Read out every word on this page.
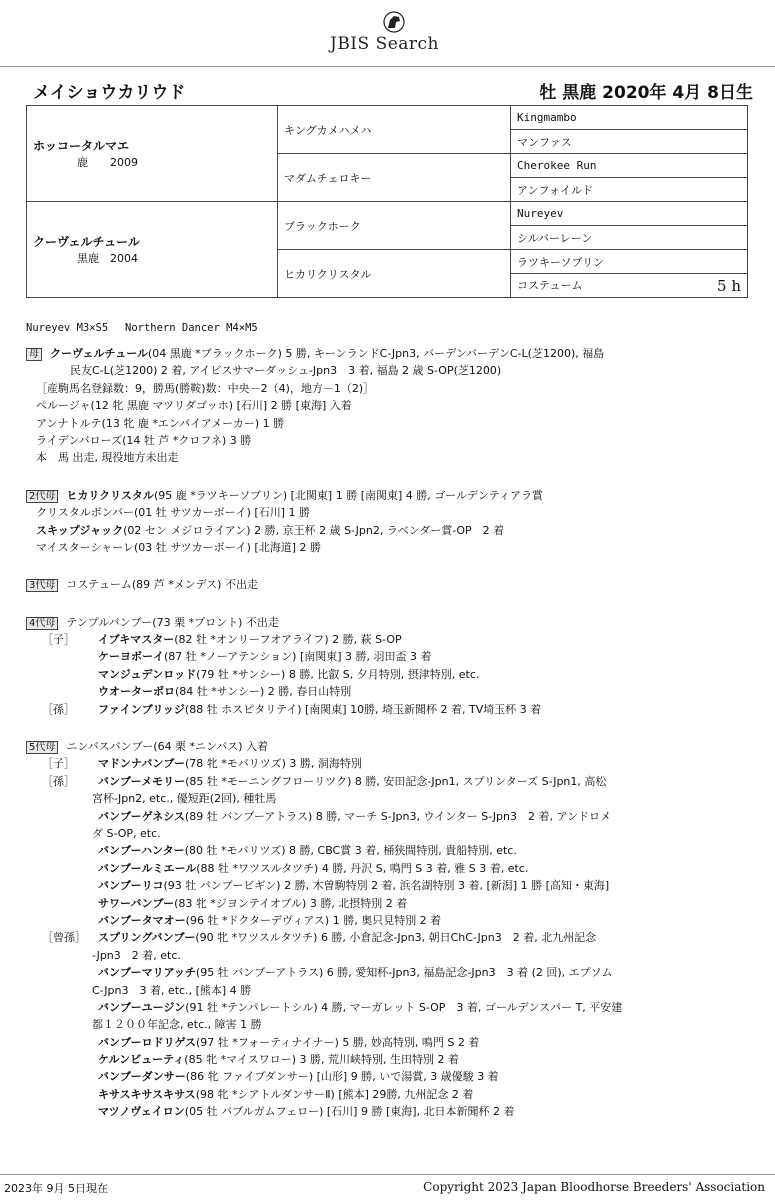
JBIS Search
メイショウカリウド	牡 黒鹿 2020年 4月 8日生
ホッコータルマエ
鹿　　2009	キングカメハメハ	Kingmambo
		マンファス
	マダムチェロキー	Cherokee Run
		アンフォイルド

クーヴェルチュール
黒鹿　2004	ブラックホーク	Nureyev
		シルバーレーン
	ヒカリクリスタル	ラツキーソブリン
		コステューム 5 h
Nureyev M3×S5　 Northern Dancer M4×M5
母 クーヴェルチュール(04 黒鹿 *ブラックホーク) 5 勝, キーンランドC-Jpn3, バーデンバーデンC-L(芝1200), 福島
民友C-L(芝1200) 2 着, アイビスサマーダッシュ-Jpn3　3 着, 福島 2 歳 S-OP(芝1200)
［産駒馬名登録数：9，勝馬(勝鞍)数：中央－2（4)，地方－1（2)］
ペルージャ(12 牝 黒鹿 マツリダゴッホ) [石川] 2 勝 [東海] 入着
アンナトルテ(13 牝 鹿 *エンパイアメーカー) 1 勝
ライデンバローズ(14 牡 芦 *クロフネ) 3 勝
本　馬 出走, 現役地方未出走
2代母 ヒカリクリスタル(95 鹿 *ラツキーソブリン) [北関東] 1 勝 [南関東] 4 勝, ゴールデンティアラ賞
クリスタルボンバー(01 牡 サツカーボーイ) [石川] 1 勝
スキップジャック(02 セン メジロライアン) 2 勝, 京王杯 2 歳 S-Jpn2, ラベンダー賞-OP　2 着
マイスターシャーレ(03 牡 サツカーボーイ) [北海道] 2 勝
3代母 コステューム(89 芦 *メンデス) 不出走
4代母 テンプルバンブー(73 栗 *プロント) 不出走
［子］ イブキマスター(82 牡 *オンリーフオアライフ) 2 勝, 萩 S-OP
ケーヨボーイ(87 牡 *ノーアテンション) [南関東] 3 勝, 羽田盃 3 着
マンジュデンロッド(79 牡 *サンシー) 8 勝, 比叡 S, 夕月特別, 摂津特別, etc.
ウオーターポロ(84 牡 *サンシー) 2 勝, 春日山特別
［孫］ ファインブリッジ(88 牡 ホスピタリテイ) [南関東] 10勝, 埼玉新聞杯 2 着, TV埼玉杯 3 着
5代母 ニンバスバンブー(64 栗 *ニンバス) 入着
［子］ マドンナバンブー(78 牝 *モバリツズ) 3 勝, 洞海特別
［孫］ バンブーメモリー(85 牡 *モーニングフローリツク) 8 勝, 安田記念-Jpn1, スプリンターズ S-Jpn1, 高松
宮杯-Jpn2, etc., 優短距(2回), 種牡馬
バンブーゲネシス(89 牡 バンブーアトラス) 8 勝, マーチ S-Jpn3, ウインター S-Jpn3　2 着, アンドロメ
ダ S-OP, etc.
バンブーハンター(80 牡 *モバリツズ) 8 勝, CBC賞 3 着, 桶狭間特別, 貴船特別, etc.
バンブールミエール(88 牡 *ワツスルタツチ) 4 勝, 丹沢 S, 鳴門 S 3 着, 雅 S 3 着, etc.
バンブーリコ(93 牡 バンブービギン) 2 勝, 木曽駒特別 2 着, 浜名湖特別 3 着, [新潟] 1 勝 [高知・東海]
サワーバンブー(83 牝 *ジヨンテイオブル) 3 勝, 北摂特別 2 着
バンブータマオー(96 牡 *ドクターデヴィアス) 1 勝, 奥只見特別 2 着
［曾孫］ スプリングバンブー(90 牝 *ワツスルタツチ) 6 勝, 小倉記念-Jpn3, 朝日ChC-Jpn3　2 着, 北九州記念
-Jpn3　2 着, etc.
バンブーマリアッチ(95 牡 バンブーアトラス) 6 勝, 愛知杯-Jpn3, 福島記念-Jpn3　3 着 (2 回), エプソム
C-Jpn3　3 着, etc., [熊本] 4 勝
バンブーユージン(91 牡 *テンパレートシル) 4 勝, マーガレット S-OP　3 着, ゴールデンスパー T, 平安建
都１２００年記念, etc., 障害 1 勝
バンブーロドリゲス(97 牡 *フォーティナイナー) 5 勝, 妙高特別, 鳴門 S 2 着
ケルンビューティ(85 牝 *マイスワロー) 3 勝, 荒川峡特別, 生田特別 2 着
バンブーダンサー(86 牝 ファイブダンサー) [山形] 9 勝, いで湯賞, 3 歳優駿 3 着
キサスキサスキサス(98 牝 *シアトルダンサーⅡ) [熊本] 29勝, 九州記念 2 着
マツノヴェイロン(05 牡 バブルガムフェロー) [石川] 9 勝 [東海], 北日本新聞杯 2 着
2023年 9月 5日現在	Copyright 2023 Japan Bloodhorse Breeders' Association
